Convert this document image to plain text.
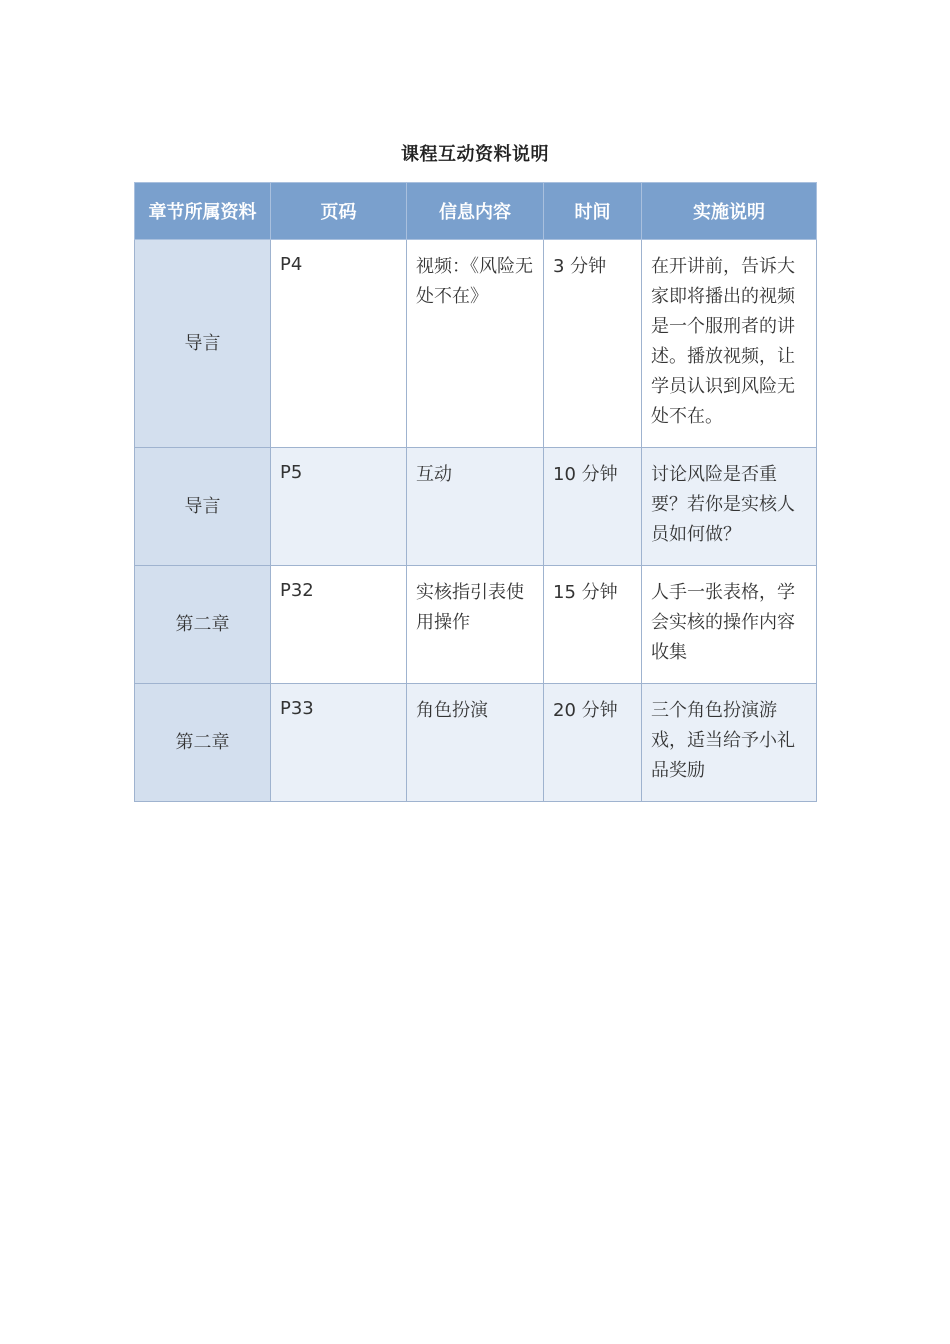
课程互动资料说明
章节所属资料	页码	信息内容	时间	实施说明
导言	P4	视频：《风险无处不在》	3 分钟	在开讲前，告诉大家即将播出的视频是一个服刑者的讲述。播放视频，让学员认识到风险无处不在。
导言	P5	互动	10 分钟	讨论风险是否重要？若你是实核人员如何做？
第二章	P32	实核指引表使用操作	15 分钟	人手一张表格，学会实核的操作内容收集
第二章	P33	角色扮演	20 分钟	三个角色扮演游戏，适当给予小礼品奖励
